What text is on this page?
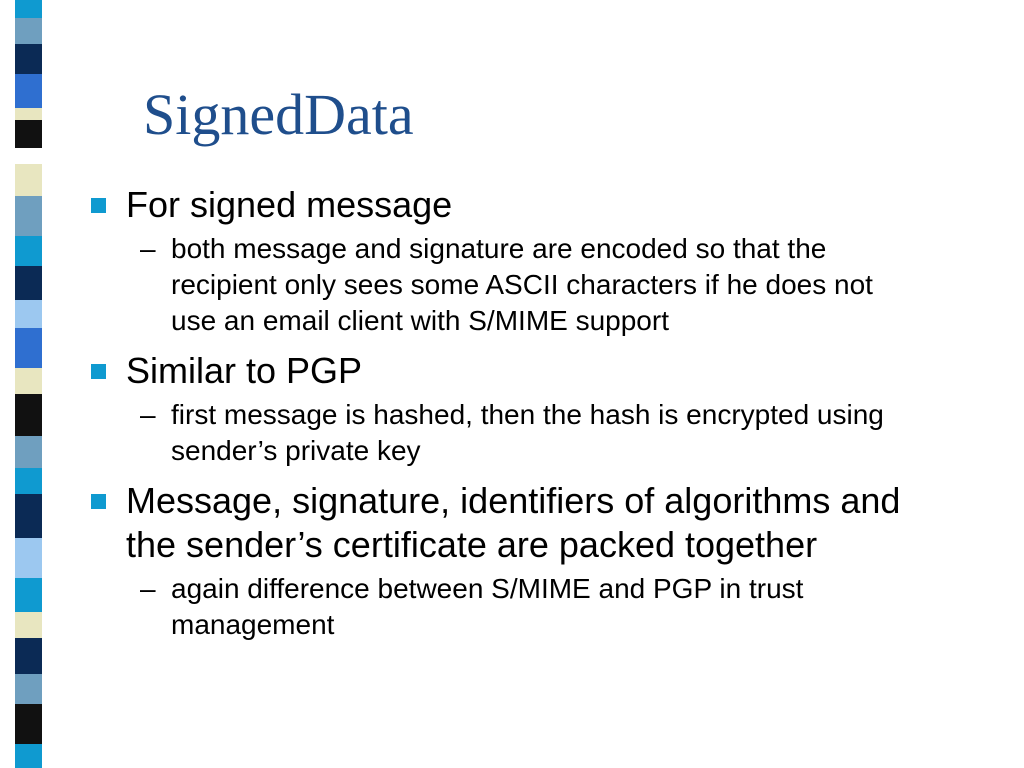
SignedData
For signed message
– both message and signature are encoded so that the recipient only sees some ASCII characters if he does not use an email client with S/MIME support
Similar to PGP
– first message is hashed, then the hash is encrypted using sender’s private key
Message, signature, identifiers of algorithms and the sender’s certificate are packed together
– again difference between S/MIME and PGP in trust management
